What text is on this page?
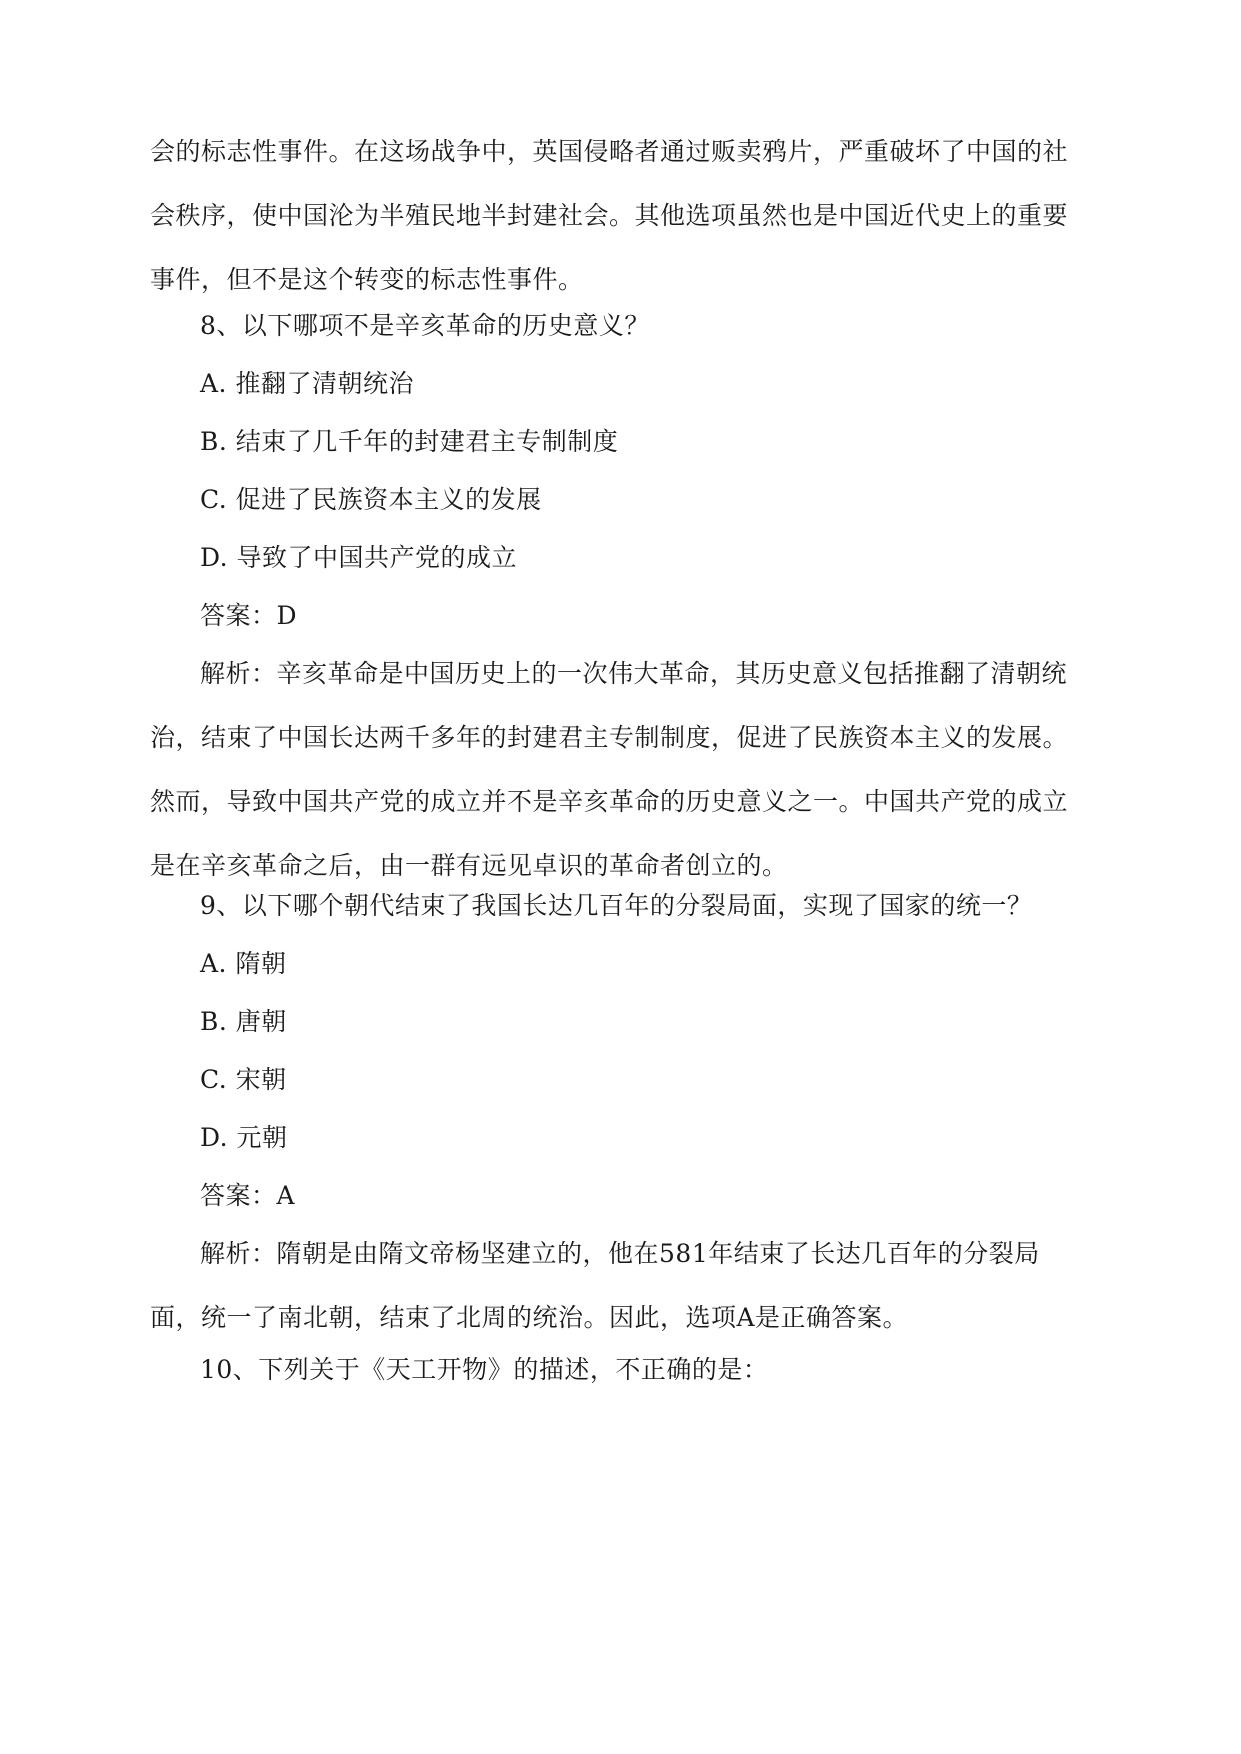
会的标志性事件。在这场战争中，英国侵略者通过贩卖鸦片，严重破坏了中国的社会秩序，使中国沦为半殖民地半封建社会。其他选项虽然也是中国近代史上的重要事件，但不是这个转变的标志性事件。

8、以下哪项不是辛亥革命的历史意义？

A. 推翻了清朝统治

B. 结束了几千年的封建君主专制制度

C. 促进了民族资本主义的发展

D. 导致了中国共产党的成立

答案：D

解析：辛亥革命是中国历史上的一次伟大革命，其历史意义包括推翻了清朝统治，结束了中国长达两千多年的封建君主专制制度，促进了民族资本主义的发展。然而，导致中国共产党的成立并不是辛亥革命的历史意义之一。中国共产党的成立是在辛亥革命之后，由一群有远见卓识的革命者创立的。

9、以下哪个朝代结束了我国长达几百年的分裂局面，实现了国家的统一？

A. 隋朝

B. 唐朝

C. 宋朝

D. 元朝

答案：A

解析：隋朝是由隋文帝杨坚建立的，他在581年结束了长达几百年的分裂局面，统一了南北朝，结束了北周的统治。因此，选项A是正确答案。

10、下列关于《天工开物》的描述，不正确的是：
